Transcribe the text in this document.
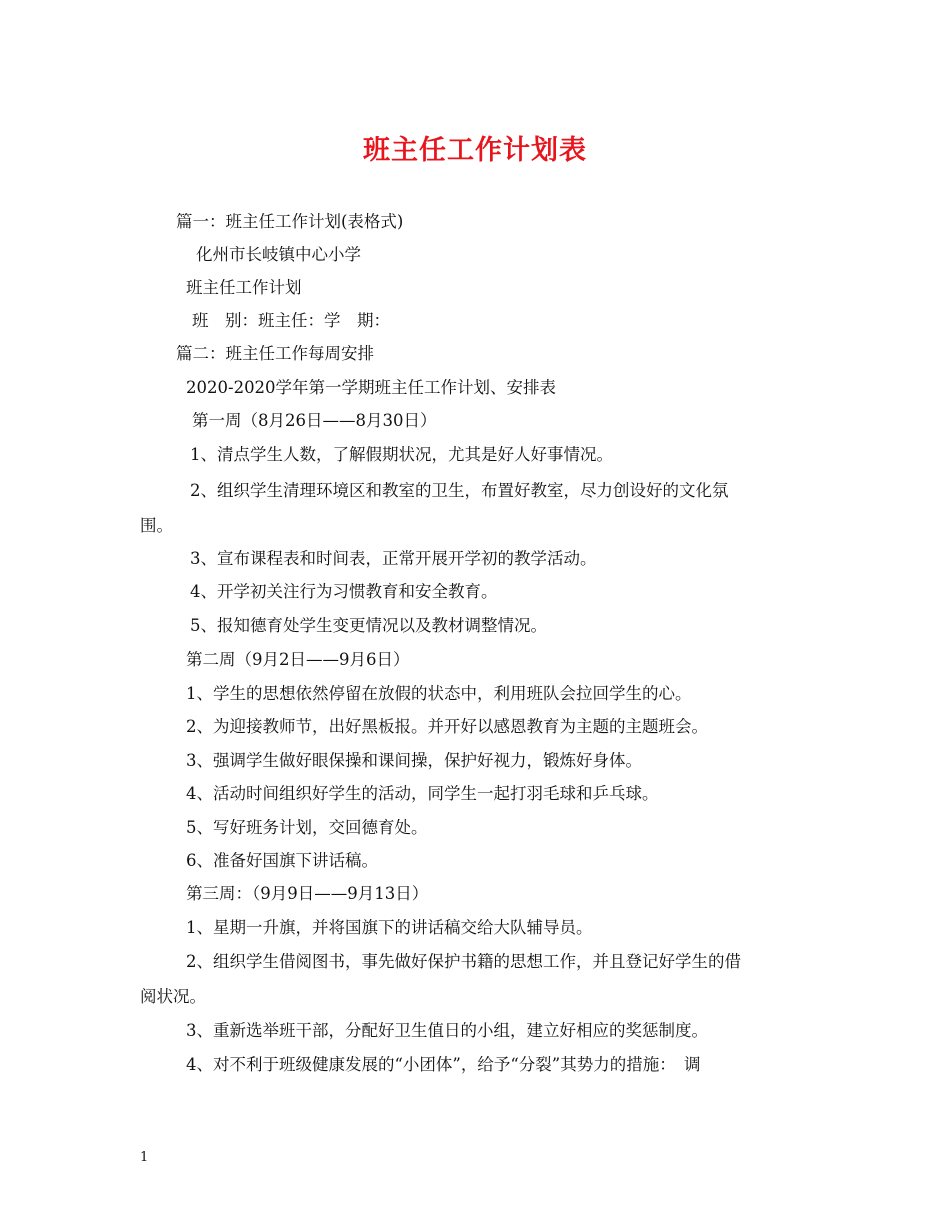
班主任工作计划表
篇一：班主任工作计划(表格式)
化州市长岐镇中心小学
班主任工作计划
班　别：班主任：学　期：
篇二：班主任工作每周安排
2020-2020学年第一学期班主任工作计划、安排表
第一周（8月26日——8月30日）
1、清点学生人数，了解假期状况，尤其是好人好事情况。
2、组织学生清理环境区和教室的卫生，布置好教室，尽力创设好的文化氛
围。
3、宣布课程表和时间表，正常开展开学初的教学活动。
4、开学初关注行为习惯教育和安全教育。
5、报知德育处学生变更情况以及教材调整情况。
第二周（9月2日——9月6日）
1、学生的思想依然停留在放假的状态中，利用班队会拉回学生的心。
2、为迎接教师节，出好黑板报。并开好以感恩教育为主题的主题班会。
3、强调学生做好眼保操和课间操，保护好视力，锻炼好身体。
4、活动时间组织好学生的活动，同学生一起打羽毛球和乒乓球。
5、写好班务计划，交回德育处。
6、准备好国旗下讲话稿。
第三周：（9月9日——9月13日）
1、星期一升旗，并将国旗下的讲话稿交给大队辅导员。
2、组织学生借阅图书，事先做好保护书籍的思想工作，并且登记好学生的借
阅状况。
3、重新选举班干部，分配好卫生值日的小组，建立好相应的奖惩制度。
4、对不利于班级健康发展的“小团体”，给予“分裂”其势力的措施：　调
1
